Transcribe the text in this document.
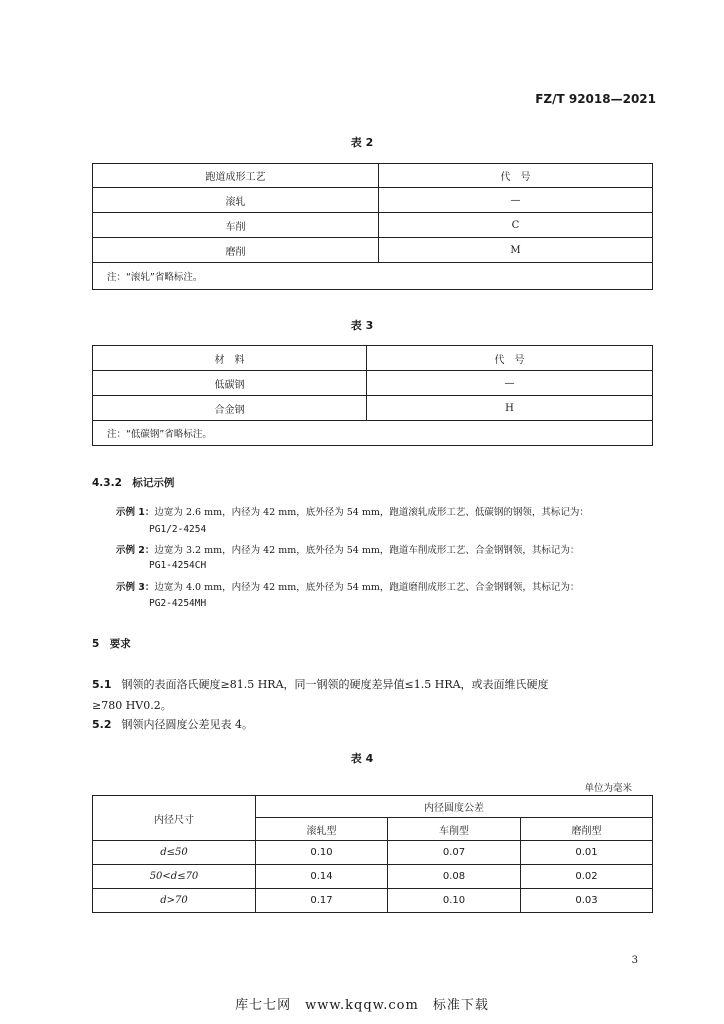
FZ/T 92018—2021
表 2
跑道成形工艺	代　号
滚轧	—
车削	C
磨削	M
注：“滚轧”省略标注。	
表 3
材　料	代　号
低碳钢	—
合金钢	H
注：“低碳钢”省略标注。	
4.3.2　标记示例
示例 1：边宽为 2.6 mm，内径为 42 mm，底外径为 54 mm，跑道滚轧成形工艺、低碳钢的钢领，其标记为：
PG1/2-4254
示例 2：边宽为 3.2 mm，内径为 42 mm，底外径为 54 mm，跑道车削成形工艺、合金钢钢领，其标记为：
PG1-4254CH
示例 3：边宽为 4.0 mm，内径为 42 mm，底外径为 54 mm，跑道磨削成形工艺、合金钢钢领，其标记为：
PG2-4254MH
5　要求
5.1 钢领的表面洛氏硬度≥81.5 HRA，同一钢领的硬度差异值≤1.5 HRA，或表面维氏硬度
≥780 HV0.2。
5.2 钢领内径圆度公差见表 4。
表 4
单位为毫米
内径尺寸	内径圆度公差		
	滚轧型	车削型	磨削型
d≤50	0.10	0.07	0.01
50<d≤70	0.14	0.08	0.02
d>70	0.17	0.10	0.03
3
库七七网　www.kqqw.com　标准下载
